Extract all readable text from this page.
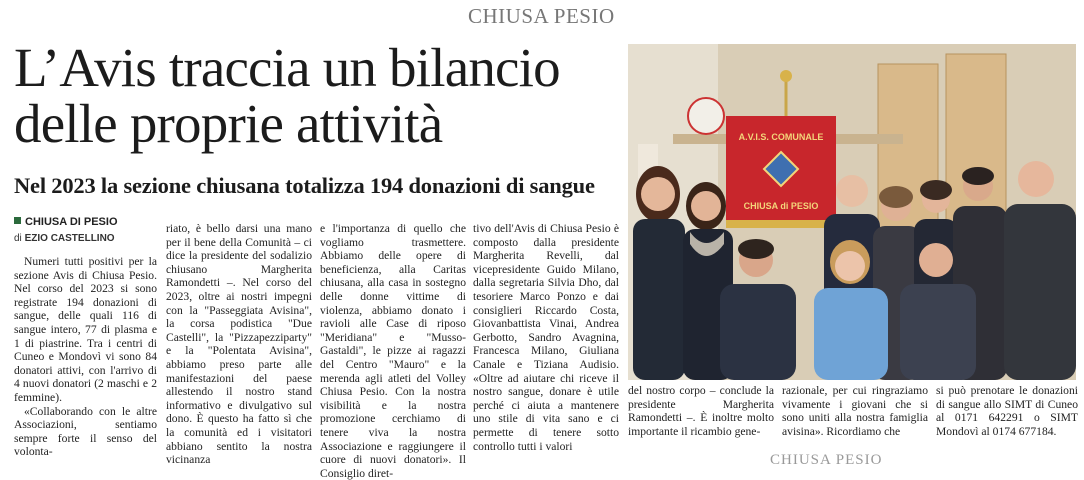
CHIUSA PESIO
L’Avis traccia un bilancio
delle proprie attività
Nel 2023 la sezione chiusana totalizza 194 donazioni di sangue
CHIUSA DI PESIO
di EZIO CASTELLINO

Numeri tutti positivi per la sezione Avis di Chiusa Pesio. Nel corso del 2023 si sono registrate 194 donazioni di sangue, delle quali 116 di sangue intero, 77 di plasma e 1 di piastrine. Tra i centri di Cuneo e Mondovì vi sono 84 donatori attivi, con l'arrivo di 4 nuovi donatori (2 maschi e 2 femmine).

«Collaborando con le altre Associazioni, sentiamo sempre forte il senso del volonta-

riato, è bello darsi una mano per il bene della Comunità – ci dice la presidente del sodalizio chiusano Margherita Ramondetti –. Nel corso del 2023, oltre ai nostri impegni con la "Passeggiata Avisina", la corsa podistica "Due Castelli", la "Pizzapezziparty" e la "Polentata Avisina", abbiamo preso parte alle manifestazioni del paese allestendo il nostro stand informativo e divulgativo sul dono. È questo ha fatto sì che la comunità ed i visitatori abbiano sentito la nostra vicinanza

e l'importanza di quello che vogliamo trasmettere. Abbiamo delle opere di beneficienza, alla Caritas chiusana, alla casa in sostegno delle donne vittime di violenza, abbiamo donato i ravioli alle Case di riposo "Meridiana" e "Musso-Gastaldi", le pizze ai ragazzi del Centro "Mauro" e la merenda agli atleti del Volley Chiusa Pesio. Con la nostra visibilità e la nostra promozione cerchiamo di tenere viva la nostra Associazione e raggiungere il cuore di nuovi donatori». Il Consiglio diret-

tivo dell'Avis di Chiusa Pesio è composto dalla presidente Margherita Revelli, dal vicepresidente Guido Milano, dalla segretaria Silvia Dho, dal tesoriere Marco Ponzo e dai consiglieri Riccardo Costa, Giovanbattista Vinai, Andrea Gerbotto, Sandro Avagnina, Francesca Milano, Giuliana Canale e Tiziana Audisio. «Oltre ad aiutare chi riceve il nostro sangue, donare è utile perché ci aiuta a mantenere uno stile di vita sano e ci permette di tenere sotto controllo tutti i valori

A.V.I.S. COMUNALE
CHIUSA di PESIO

del nostro corpo – conclude la presidente Margherita Ramondetti –. È inoltre molto importante il ricambio gene-

razionale, per cui ringraziamo vivamente i giovani che si sono uniti alla nostra famiglia avisina». Ricordiamo che

si può prenotare le donazioni di sangue allo SIMT di Cuneo al 0171 642291 o SIMT Mondovì al 0174 677184.

CHIUSA PESIO
